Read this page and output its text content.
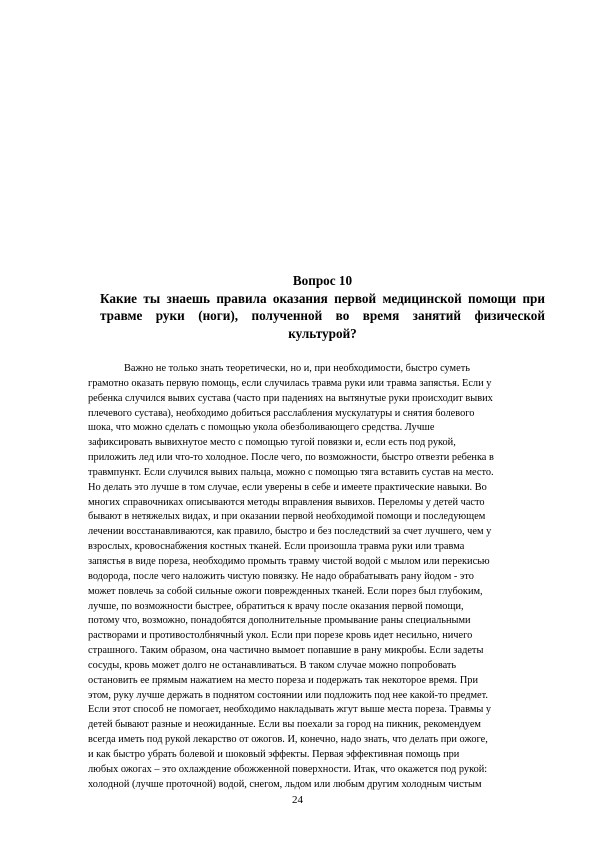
Вопрос 10
Какие ты знаешь правила оказания первой медицинской помощи при травме руки (ноги), полученной во время занятий физической культурой?
Важно не только знать теоретически, но и, при необходимости, быстро суметь
грамотно оказать первую помощь, если случилась травма руки или травма запястья. Если у
ребенка случился вывих сустава (часто при падениях на вытянутые руки происходит вывих
плечевого сустава), необходимо добиться расслабления мускулатуры и снятия болевого
шока, что можно сделать с помощью укола обезболивающего средства. Лучше
зафиксировать вывихнутое место с помощью тугой повязки и, если есть под рукой,
приложить лед или что-то холодное. После чего, по возможности, быстро отвезти ребенка в
травмпункт. Если случился вывих пальца, можно с помощью тяга вставить сустав на место.
Но делать это лучше в том случае, если уверены в себе и имеете практические навыки. Во
многих справочниках описываются методы вправления вывихов. Переломы у детей часто
бывают в нетяжелых видах, и при оказании первой необходимой помощи и последующем
лечении восстанавливаются, как правило, быстро и без последствий за счет лучшего, чем у
взрослых, кровоснабжения костных тканей. Если произошла травма руки или травма
запястья в виде пореза, необходимо промыть травму чистой водой с мылом или перекисью
водорода, после чего наложить чистую повязку. Не надо обрабатывать рану йодом - это
может повлечь за собой сильные ожоги поврежденных тканей. Если порез был глубоким,
лучше, по возможности быстрее, обратиться к врачу после оказания первой помощи,
потому что, возможно, понадобятся дополнительные промывание раны специальными
растворами и противостолбнячный укол. Если при порезе кровь идет несильно, ничего
страшного. Таким образом, она частично вымоет попавшие в рану микробы. Если задеты
сосуды, кровь может долго не останавливаться. В таком случае можно попробовать
остановить ее прямым нажатием на место пореза и подержать так некоторое время. При
этом, руку лучше держать в поднятом состоянии или подложить под нее какой-то предмет.
Если этот способ не помогает, необходимо накладывать жгут выше места пореза. Травмы у
детей бывают разные и неожиданные. Если вы поехали за город на пикник, рекомендуем
всегда иметь под рукой лекарство от ожогов. И, конечно, надо знать, что делать при ожоге,
и как быстро убрать болевой и шоковый эффекты. Первая эффективная помощь при
любых ожогах – это охлаждение обожженной поверхности. Итак, что окажется под рукой:
холодной (лучше проточной) водой, снегом, льдом или любым другим холодным чистым
24
